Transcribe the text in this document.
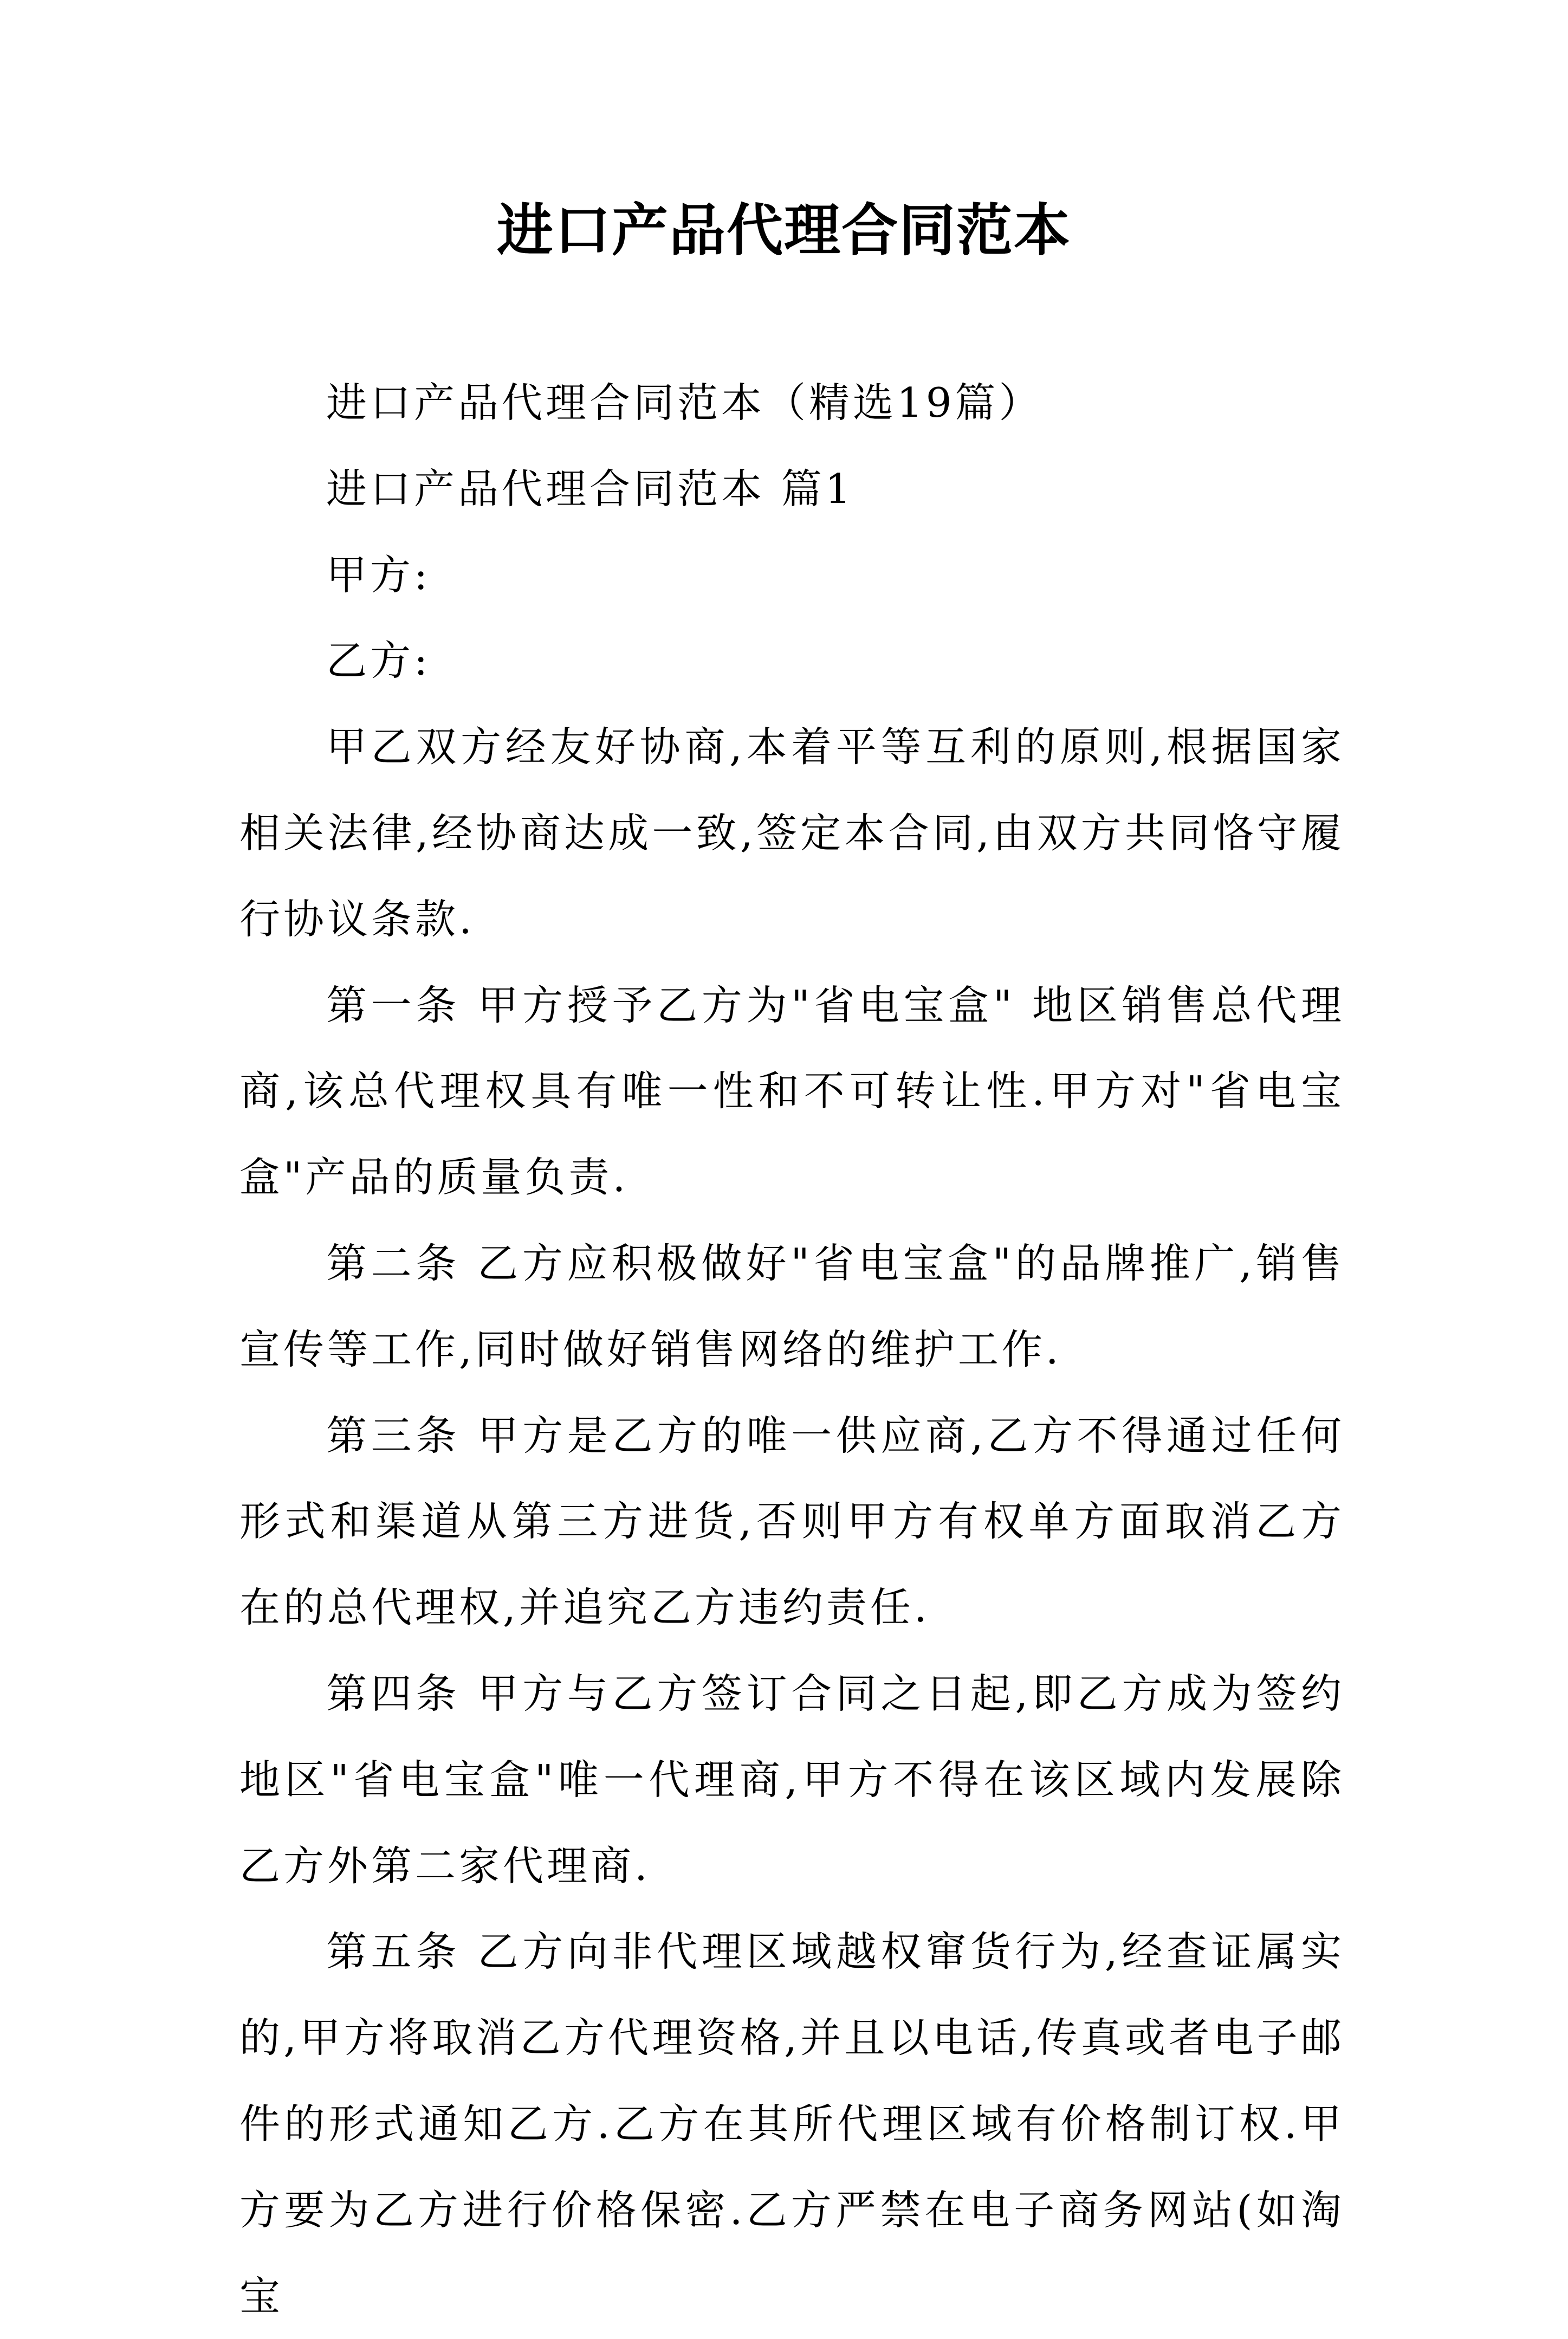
进口产品代理合同范本

进口产品代理合同范本（精选19篇）

进口产品代理合同范本 篇1

甲方:

乙方:

甲乙双方经友好协商,本着平等互利的原则,根据国家相关法律,经协商达成一致,签定本合同,由双方共同恪守履行协议条款.

第一条 甲方授予乙方为"省电宝盒" 地区销售总代理商,该总代理权具有唯一性和不可转让性.甲方对"省电宝盒"产品的质量负责.

第二条 乙方应积极做好"省电宝盒"的品牌推广,销售宣传等工作,同时做好销售网络的维护工作.

第三条 甲方是乙方的唯一供应商,乙方不得通过任何形式和渠道从第三方进货,否则甲方有权单方面取消乙方在的总代理权,并追究乙方违约责任.

第四条 甲方与乙方签订合同之日起,即乙方成为签约地区"省电宝盒"唯一代理商,甲方不得在该区域内发展除乙方外第二家代理商.

第五条 乙方向非代理区域越权窜货行为,经查证属实的,甲方将取消乙方代理资格,并且以电话,传真或者电子邮件的形式通知乙方.乙方在其所代理区域有价格制订权.甲方要为乙方进行价格保密.乙方严禁在电子商务网站(如淘宝
